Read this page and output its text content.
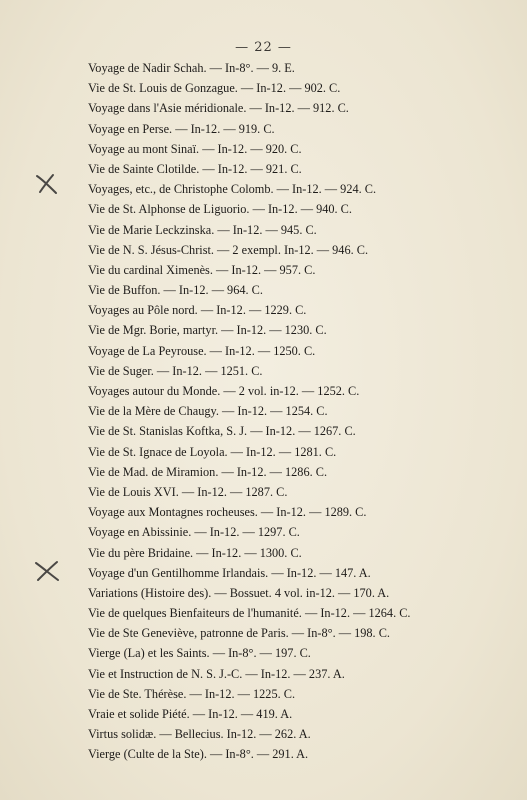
— 22 —
Voyage de Nadir Schah. — In-8°. — 9. E.
Vie de St. Louis de Gonzague. — In-12. — 902. C.
Voyage dans l'Asie méridionale. — In-12. — 912. C.
Voyage en Perse. — In-12. — 919. C.
Voyage au mont Sinaï. — In-12. — 920. C.
Vie de Sainte Clotilde. — In-12. — 921. C.
Voyages, etc., de Christophe Colomb. — In-12. — 924. C.
Vie de St. Alphonse de Liguorio. — In-12. — 940. C.
Vie de Marie Leckzinska. — In-12. — 945. C.
Vie de N. S. Jésus-Christ. — 2 exempl. In-12. — 946. C.
Vie du cardinal Ximenès. — In-12. — 957. C.
Vie de Buffon. — In-12. — 964. C.
Voyages au Pôle nord. — In-12. — 1229. C.
Vie de Mgr. Borie, martyr. — In-12. — 1230. C.
Voyage de La Peyrouse. — In-12. — 1250. C.
Vie de Suger. — In-12. — 1251. C.
Voyages autour du Monde. — 2 vol. in-12. — 1252. C.
Vie de la Mère de Chaugy. — In-12. — 1254. C.
Vie de St. Stanislas Koftka, S. J. — In-12. — 1267. C.
Vie de St. Ignace de Loyola. — In-12. — 1281. C.
Vie de Mad. de Miramion. — In-12. — 1286. C.
Vie de Louis XVI. — In-12. — 1287. C.
Voyage aux Montagnes rocheuses. — In-12. — 1289. C.
Voyage en Abissinie. — In-12. — 1297. C.
Vie du père Bridaine. — In-12. — 1300. C.
Voyage d'un Gentilhomme Irlandais. — In-12. — 147. A.
Variations (Histoire des). — Bossuet. 4 vol. in-12. — 170. A.
Vie de quelques Bienfaiteurs de l'humanité. — In-12. — 1264. C.
Vie de Ste Geneviève, patronne de Paris. — In-8°. — 198. C.
Vierge (La) et les Saints. — In-8°. — 197. C.
Vie et Instruction de N. S. J.-C. — In-12. — 237. A.
Vie de Ste. Thérèse. — In-12. — 1225. C.
Vraie et solide Piété. — In-12. — 419. A.
Virtus solidæ. — Bellecius. In-12. — 262. A.
Vierge (Culte de la Ste). — In-8°. — 291. A.
